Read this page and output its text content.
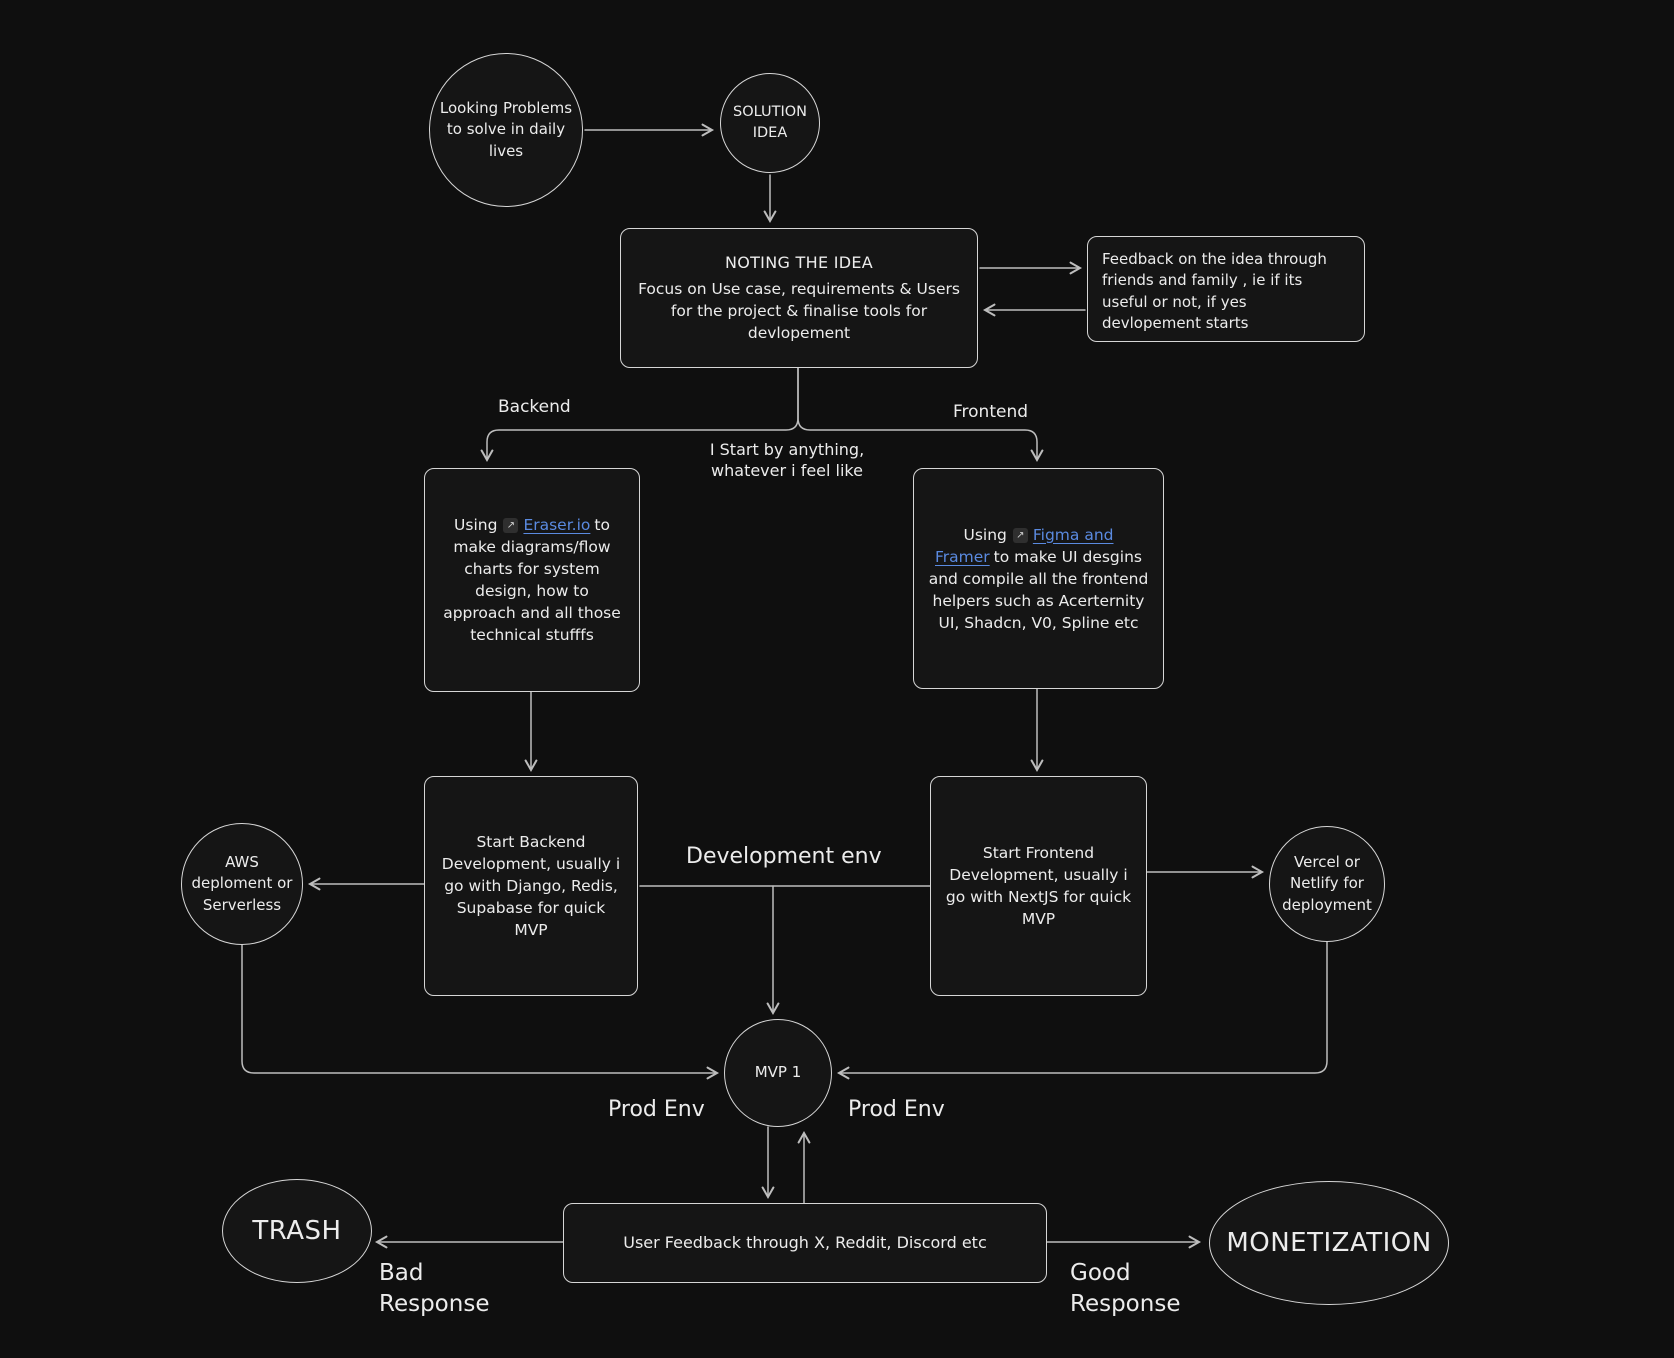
Looking Problems to solve in daily lives
SOLUTION IDEA
NOTING THE IDEA
Focus on Use case, requirements & Users for the project & finalise tools for devlopement
Feedback on the idea through friends and family , ie if its useful or not, if yes devlopement starts
Using ↗ Eraser.io to make diagrams/flow charts for system design, how to approach and all those technical stufffs
Using ↗ Figma and Framer to make UI desgins and compile all the frontend helpers such as Acerternity UI, Shadcn, V0, Spline etc
Start Backend Development, usually i go with Django, Redis, Supabase for quick MVP
Start Frontend Development, usually i go with NextJS for quick MVP
AWS deploment or Serverless
Vercel or Netlify for deployment
MVP 1
User Feedback through X, Reddit, Discord etc
TRASH	MONETIZATION
Backend	Frontend
I Start by anything, whatever i feel like
Development env
Prod Env	Prod Env
Bad Response
Good Response
